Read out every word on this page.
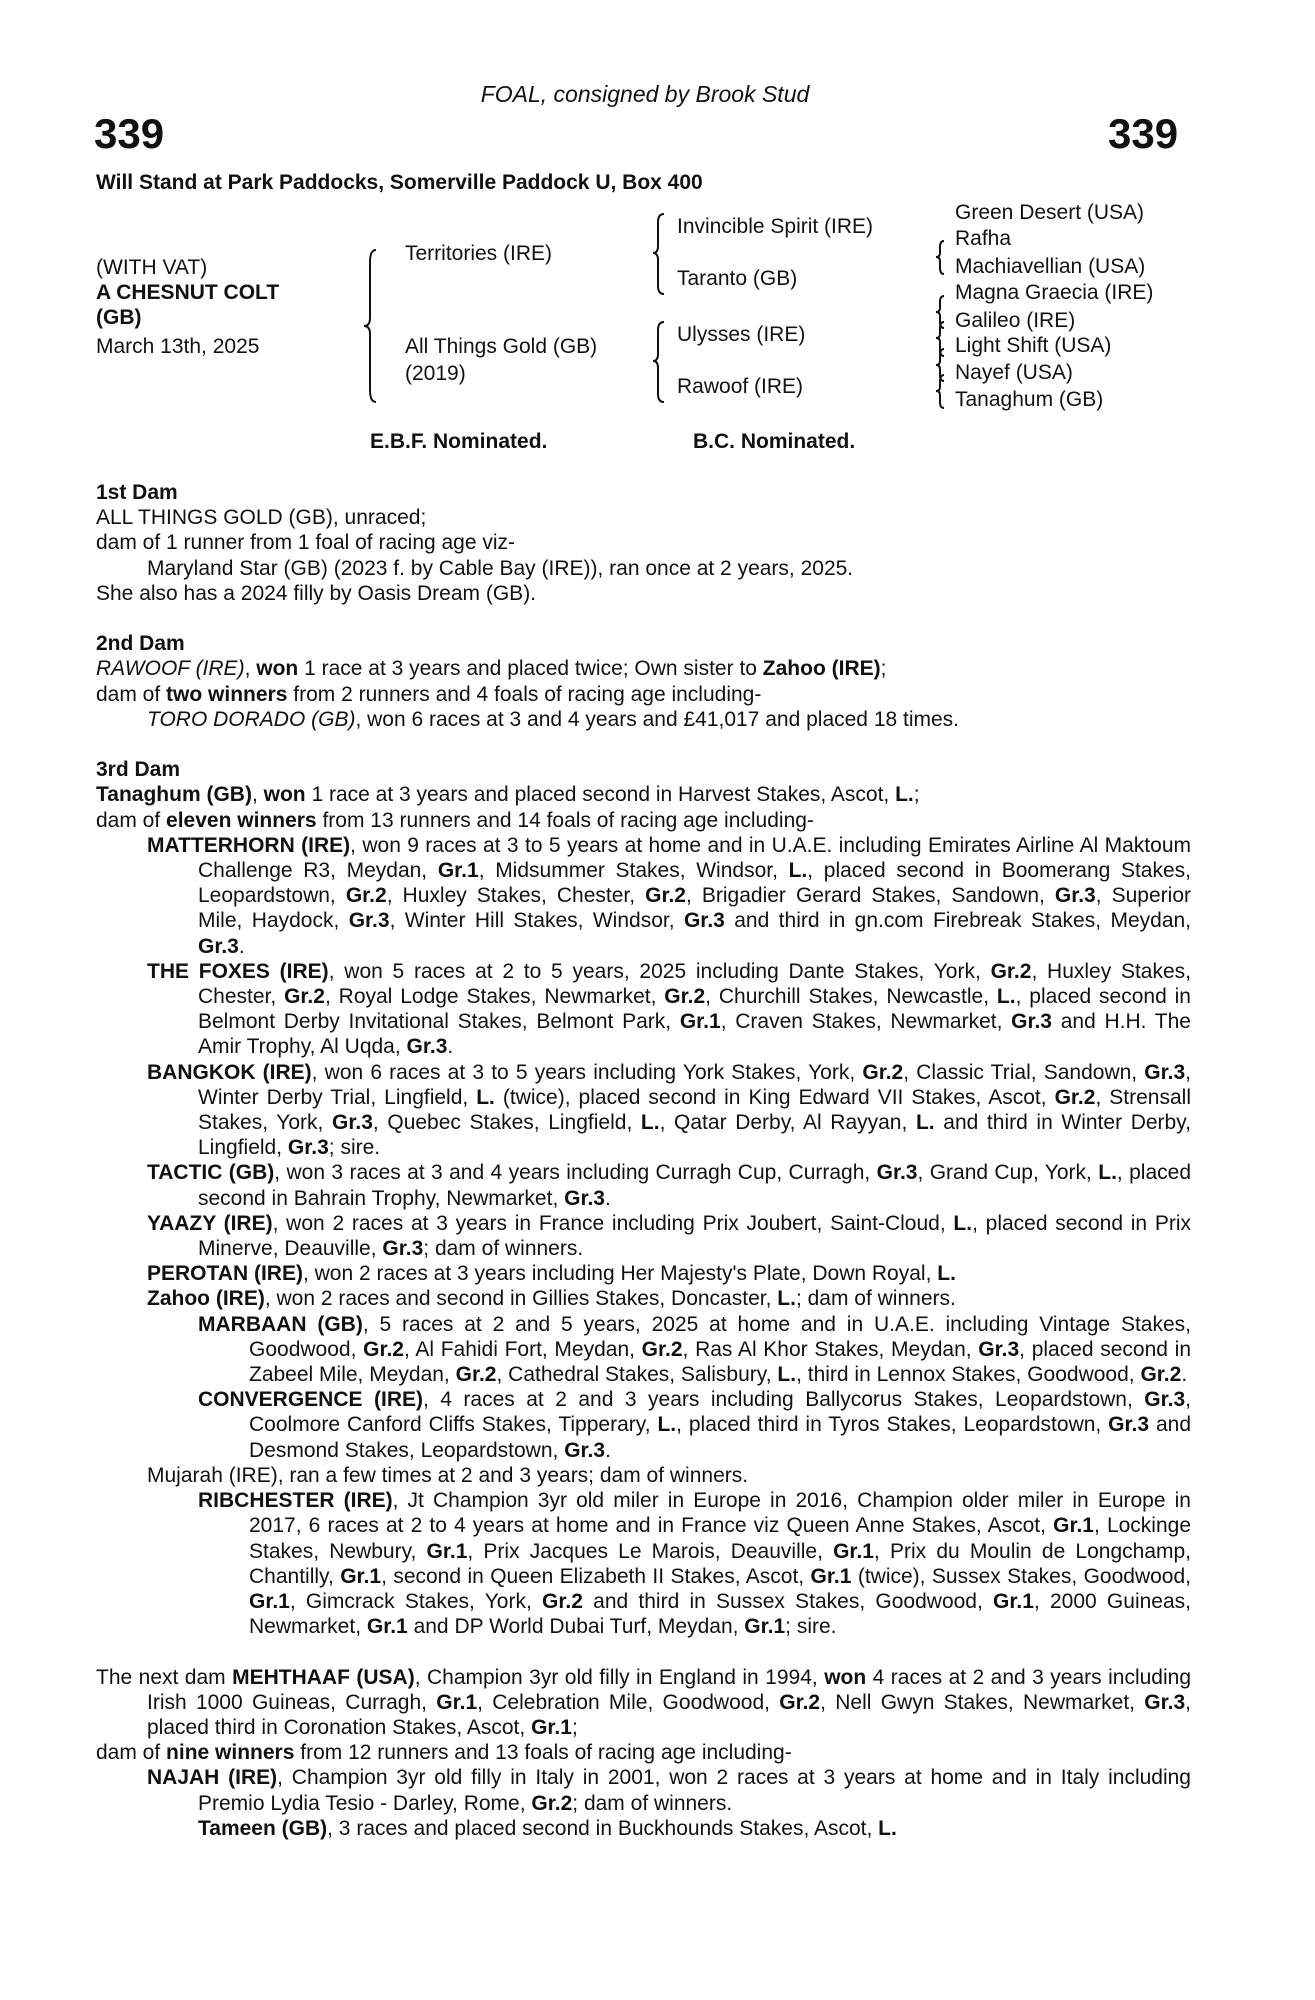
FOAL, consigned by Brook Stud
339	339
Will Stand at Park Paddocks, Somerville Paddock U, Box 400
(WITH VAT)
A CHESNUT COLT
(GB)
March 13th, 2025
Territories (IRE)
All Things Gold (GB)
(2019)
Invincible Spirit (IRE)
Taranto (GB)
Ulysses (IRE)
Rawoof (IRE)
Green Desert (USA)
Rafha
Machiavellian (USA)
Magna Graecia (IRE)
Galileo (IRE)
Light Shift (USA)
Nayef (USA)
Tanaghum (GB)
E.B.F. Nominated.	B.C. Nominated.
1st Dam
ALL THINGS GOLD (GB), unraced;
dam of 1 runner from 1 foal of racing age viz-
Maryland Star (GB) (2023 f. by Cable Bay (IRE)), ran once at 2 years, 2025.
She also has a 2024 filly by Oasis Dream (GB).
2nd Dam
RAWOOF (IRE), won 1 race at 3 years and placed twice; Own sister to Zahoo (IRE);
dam of two winners from 2 runners and 4 foals of racing age including-
TORO DORADO (GB), won 6 races at 3 and 4 years and £41,017 and placed 18 times.
3rd Dam
Tanaghum (GB), won 1 race at 3 years and placed second in Harvest Stakes, Ascot, L.;
dam of eleven winners from 13 runners and 14 foals of racing age including-
MATTERHORN (IRE), won 9 races at 3 to 5 years at home and in U.A.E. including Emirates Airline Al Maktoum Challenge R3, Meydan, Gr.1, Midsummer Stakes, Windsor, L., placed second in Boomerang Stakes, Leopardstown, Gr.2, Huxley Stakes, Chester, Gr.2, Brigadier Gerard Stakes, Sandown, Gr.3, Superior Mile, Haydock, Gr.3, Winter Hill Stakes, Windsor, Gr.3 and third in gn.com Firebreak Stakes, Meydan, Gr.3.
THE FOXES (IRE), won 5 races at 2 to 5 years, 2025 including Dante Stakes, York, Gr.2, Huxley Stakes, Chester, Gr.2, Royal Lodge Stakes, Newmarket, Gr.2, Churchill Stakes, Newcastle, L., placed second in Belmont Derby Invitational Stakes, Belmont Park, Gr.1, Craven Stakes, Newmarket, Gr.3 and H.H. The Amir Trophy, Al Uqda, Gr.3.
BANGKOK (IRE), won 6 races at 3 to 5 years including York Stakes, York, Gr.2, Classic Trial, Sandown, Gr.3, Winter Derby Trial, Lingfield, L. (twice), placed second in King Edward VII Stakes, Ascot, Gr.2, Strensall Stakes, York, Gr.3, Quebec Stakes, Lingfield, L., Qatar Derby, Al Rayyan, L. and third in Winter Derby, Lingfield, Gr.3; sire.
TACTIC (GB), won 3 races at 3 and 4 years including Curragh Cup, Curragh, Gr.3, Grand Cup, York, L., placed second in Bahrain Trophy, Newmarket, Gr.3.
YAAZY (IRE), won 2 races at 3 years in France including Prix Joubert, Saint-Cloud, L., placed second in Prix Minerve, Deauville, Gr.3; dam of winners.
PEROTAN (IRE), won 2 races at 3 years including Her Majesty's Plate, Down Royal, L.
Zahoo (IRE), won 2 races and second in Gillies Stakes, Doncaster, L.; dam of winners.
MARBAAN (GB), 5 races at 2 and 5 years, 2025 at home and in U.A.E. including Vintage Stakes, Goodwood, Gr.2, Al Fahidi Fort, Meydan, Gr.2, Ras Al Khor Stakes, Meydan, Gr.3, placed second in Zabeel Mile, Meydan, Gr.2, Cathedral Stakes, Salisbury, L., third in Lennox Stakes, Goodwood, Gr.2.
CONVERGENCE (IRE), 4 races at 2 and 3 years including Ballycorus Stakes, Leopardstown, Gr.3, Coolmore Canford Cliffs Stakes, Tipperary, L., placed third in Tyros Stakes, Leopardstown, Gr.3 and Desmond Stakes, Leopardstown, Gr.3.
Mujarah (IRE), ran a few times at 2 and 3 years; dam of winners.
RIBCHESTER (IRE), Jt Champion 3yr old miler in Europe in 2016, Champion older miler in Europe in 2017, 6 races at 2 to 4 years at home and in France viz Queen Anne Stakes, Ascot, Gr.1, Lockinge Stakes, Newbury, Gr.1, Prix Jacques Le Marois, Deauville, Gr.1, Prix du Moulin de Longchamp, Chantilly, Gr.1, second in Queen Elizabeth II Stakes, Ascot, Gr.1 (twice), Sussex Stakes, Goodwood, Gr.1, Gimcrack Stakes, York, Gr.2 and third in Sussex Stakes, Goodwood, Gr.1, 2000 Guineas, Newmarket, Gr.1 and DP World Dubai Turf, Meydan, Gr.1; sire.
The next dam MEHTHAAF (USA), Champion 3yr old filly in England in 1994, won 4 races at 2 and 3 years including Irish 1000 Guineas, Curragh, Gr.1, Celebration Mile, Goodwood, Gr.2, Nell Gwyn Stakes, Newmarket, Gr.3, placed third in Coronation Stakes, Ascot, Gr.1;
dam of nine winners from 12 runners and 13 foals of racing age including-
NAJAH (IRE), Champion 3yr old filly in Italy in 2001, won 2 races at 3 years at home and in Italy including Premio Lydia Tesio - Darley, Rome, Gr.2; dam of winners.
Tameen (GB), 3 races and placed second in Buckhounds Stakes, Ascot, L.
